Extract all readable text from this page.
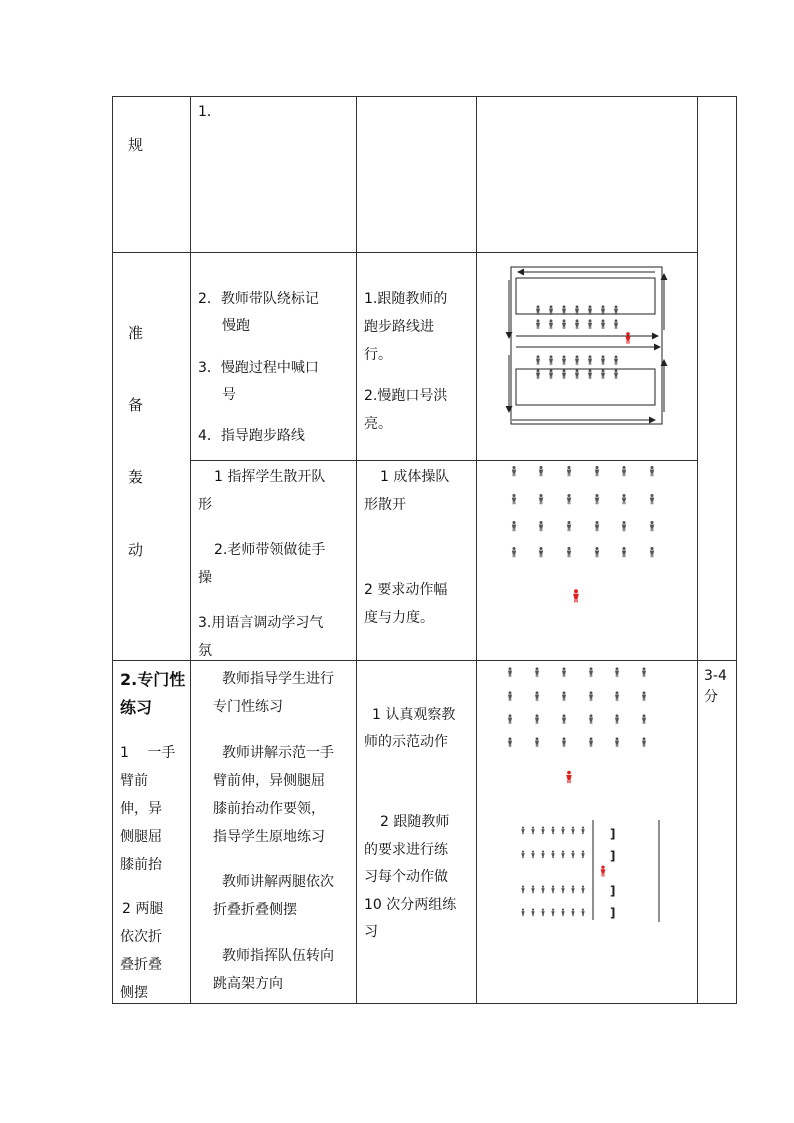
规
1．
准
备
轰
动
2．教师带队绕标记
慢跑
3．慢跑过程中喊口
号
4．指导跑步路线
1.跟随教师的
跑步路线进
行。
2.慢跑口号洪
亮。
1 指挥学生散开队
形
2.老师带领做徒手
操
3.用语言调动学习气
氛
1 成体操队
形散开
2 要求动作幅
度与力度。
2.专门性
练习
1　 一手
臂前
伸，异
侧腿屈
膝前抬
2 两腿
依次折
叠折叠
侧摆
教师指导学生进行
专门性练习
教师讲解示范一手
臂前伸，异侧腿屈
膝前抬动作要领，
指导学生原地练习
教师讲解两腿依次
折叠折叠侧摆
教师指挥队伍转向
跳高架方向
1 认真观察教
师的示范动作
2 跟随教师
的要求进行练
习每个动作做
10 次分两组练
习
3-4
分
]
]
]
]
